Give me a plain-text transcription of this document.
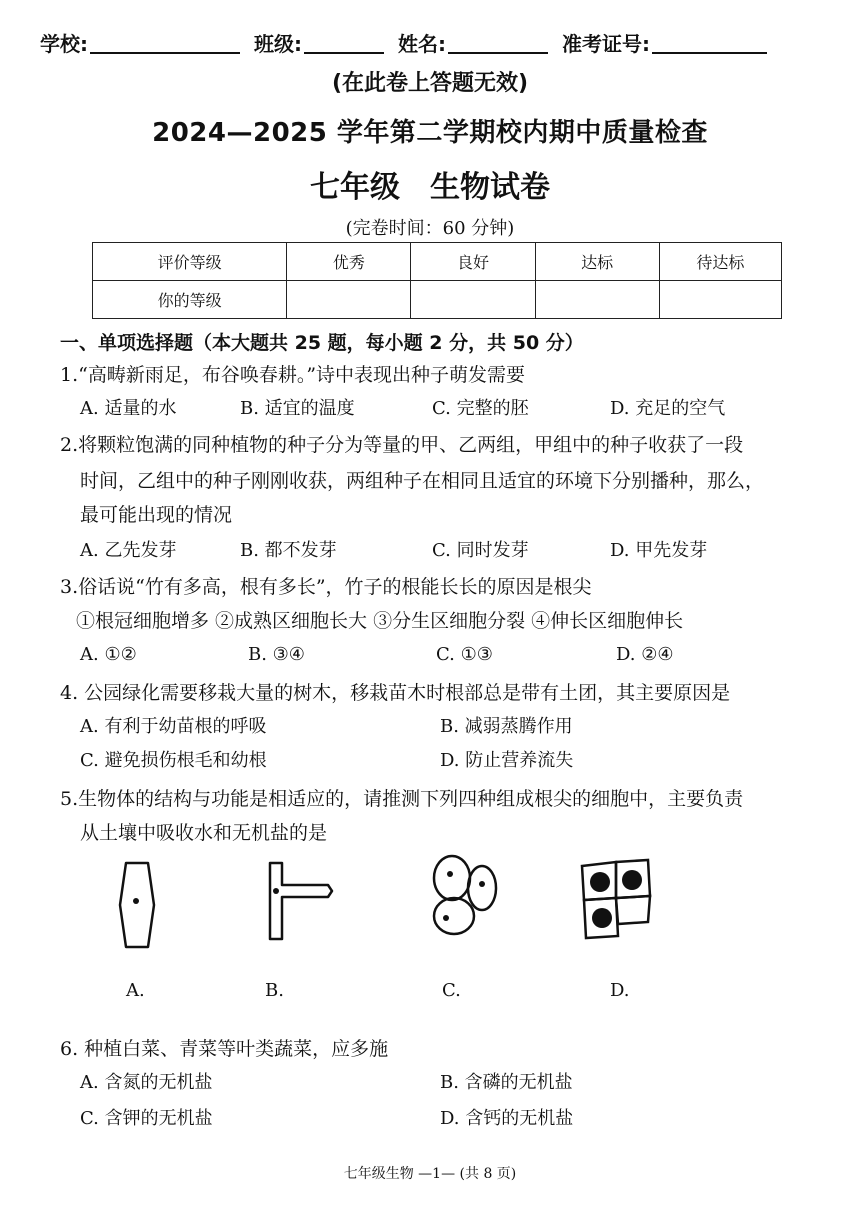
学校:	班级:	姓名:	准考证号:
(在此卷上答题无效)
2024—2025 学年第二学期校内期中质量检查
七年级　生物试卷
(完卷时间：60 分钟)
评价等级	优秀	良好	达标	待达标
你的等级				
一、单项选择题（本大题共 25 题，每小题 2 分，共 50 分）
1.“高畴新雨足，布谷唤春耕。”诗中表现出种子萌发需要
A. 适量的水	B. 适宜的温度	C. 完整的胚	D. 充足的空气
2.将颗粒饱满的同种植物的种子分为等量的甲、乙两组，甲组中的种子收获了一段
时间，乙组中的种子刚刚收获，两组种子在相同且适宜的环境下分别播种，那么，
最可能出现的情况
A. 乙先发芽	B. 都不发芽	C. 同时发芽	D. 甲先发芽
3.俗话说“竹有多高，根有多长”，竹子的根能长长的原因是根尖
①根冠细胞增多 ②成熟区细胞长大 ③分生区细胞分裂 ④伸长区细胞伸长
A. ①②	B. ③④	C. ①③	D. ②④
4. 公园绿化需要移栽大量的树木，移栽苗木时根部总是带有土团，其主要原因是
A. 有利于幼苗根的呼吸	B. 减弱蒸腾作用
C. 避免损伤根毛和幼根	D. 防止营养流失
5.生物体的结构与功能是相适应的，请推测下列四种组成根尖的细胞中，主要负责
从土壤中吸收水和无机盐的是
A.	B.	C.	D.
6. 种植白菜、青菜等叶类蔬菜，应多施
A. 含氮的无机盐	B. 含磷的无机盐
C. 含钾的无机盐	D. 含钙的无机盐
七年级生物 —1— (共 8 页)
